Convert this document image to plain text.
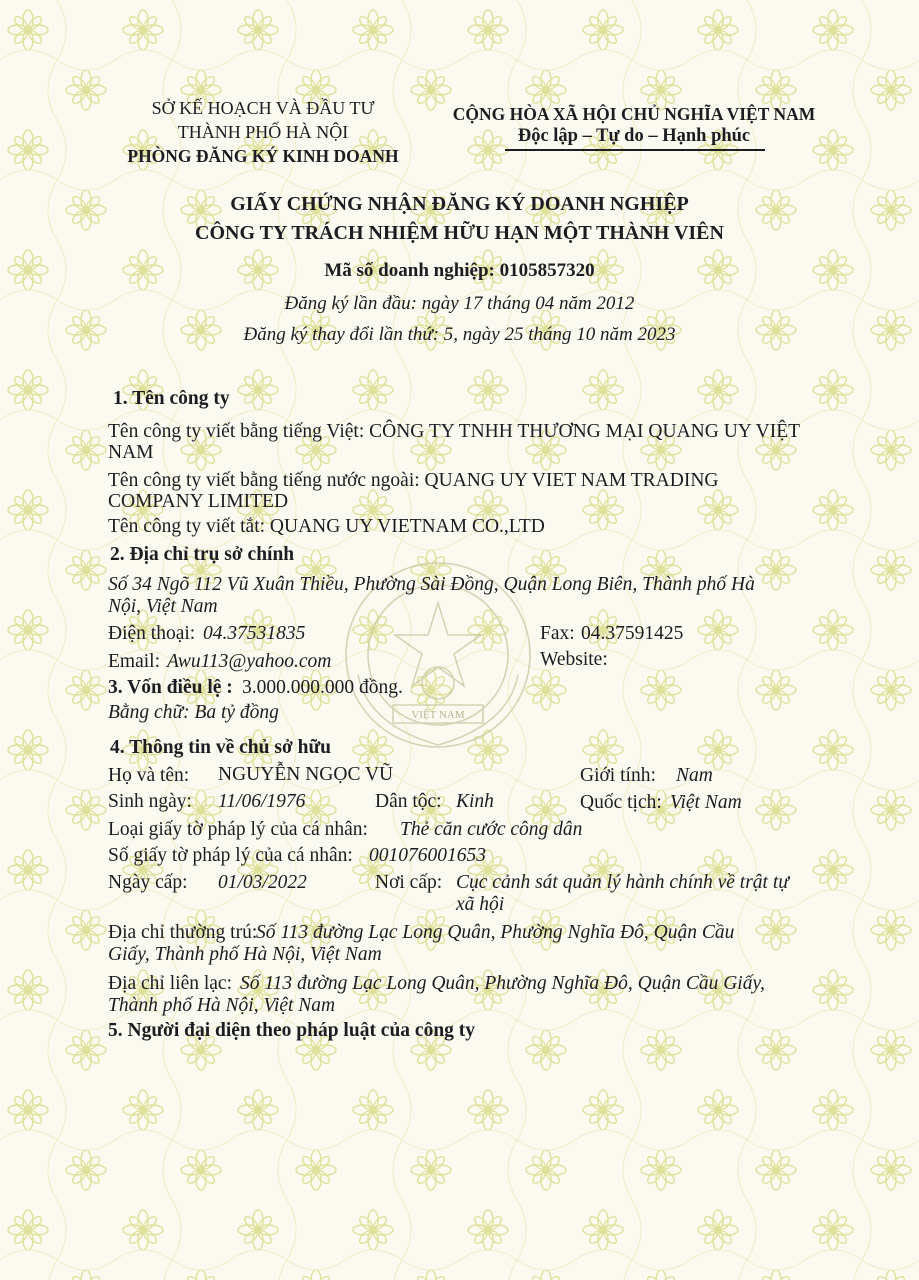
VIỆT NAM
SỞ KẾ HOẠCH VÀ ĐẦU TƯ
THÀNH PHỐ HÀ NỘI
PHÒNG ĐĂNG KÝ KINH DOANH
CỘNG HÒA XÃ HỘI CHỦ NGHĨA VIỆT NAM
Độc lập – Tự do – Hạnh phúc
GIẤY CHỨNG NHẬN ĐĂNG KÝ DOANH NGHIỆP
CÔNG TY TRÁCH NHIỆM HỮU HẠN MỘT THÀNH VIÊN
Mã số doanh nghiệp: 0105857320
Đăng ký lần đầu: ngày 17 tháng 04 năm 2012
Đăng ký thay đổi lần thứ: 5, ngày 25 tháng 10 năm 2023
1. Tên công ty
Tên công ty viết bằng tiếng Việt: CÔNG TY TNHH THƯƠNG MẠI QUANG UY VIỆT
NAM
Tên công ty viết bằng tiếng nước ngoài: QUANG UY VIET NAM TRADING
COMPANY LIMITED
Tên công ty viết tắt: QUANG UY VIETNAM CO.,LTD
2. Địa chỉ trụ sở chính
Số 34 Ngõ 112 Vũ Xuân Thiều, Phường Sài Đồng, Quận Long Biên, Thành phố Hà
Nội, Việt Nam
Điện thoại: 04.37531835	Fax: 04.37591425
Email: Awu113@yahoo.com	Website:
3. Vốn điều lệ : 3.000.000.000 đồng.
Bằng chữ: Ba tỷ đồng
4. Thông tin về chủ sở hữu
Họ và tên: NGUYỄN NGỌC VŨ	Giới tính: Nam
Sinh ngày: 11/06/1976	Dân tộc: Kinh	Quốc tịch: Việt Nam
Loại giấy tờ pháp lý của cá nhân: Thẻ căn cước công dân
Số giấy tờ pháp lý của cá nhân: 001076001653
Ngày cấp: 01/03/2022	Nơi cấp: Cục cảnh sát quản lý hành chính về trật tự
xã hội
Địa chỉ thường trú:
Số 113 đường Lạc Long Quân, Phường Nghĩa Đô, Quận Cầu
Giấy, Thành phố Hà Nội, Việt Nam
Địa chỉ liên lạc: Số 113 đường Lạc Long Quân, Phường Nghĩa Đô, Quận Cầu Giấy,
Thành phố Hà Nội, Việt Nam
5. Người đại diện theo pháp luật của công ty
